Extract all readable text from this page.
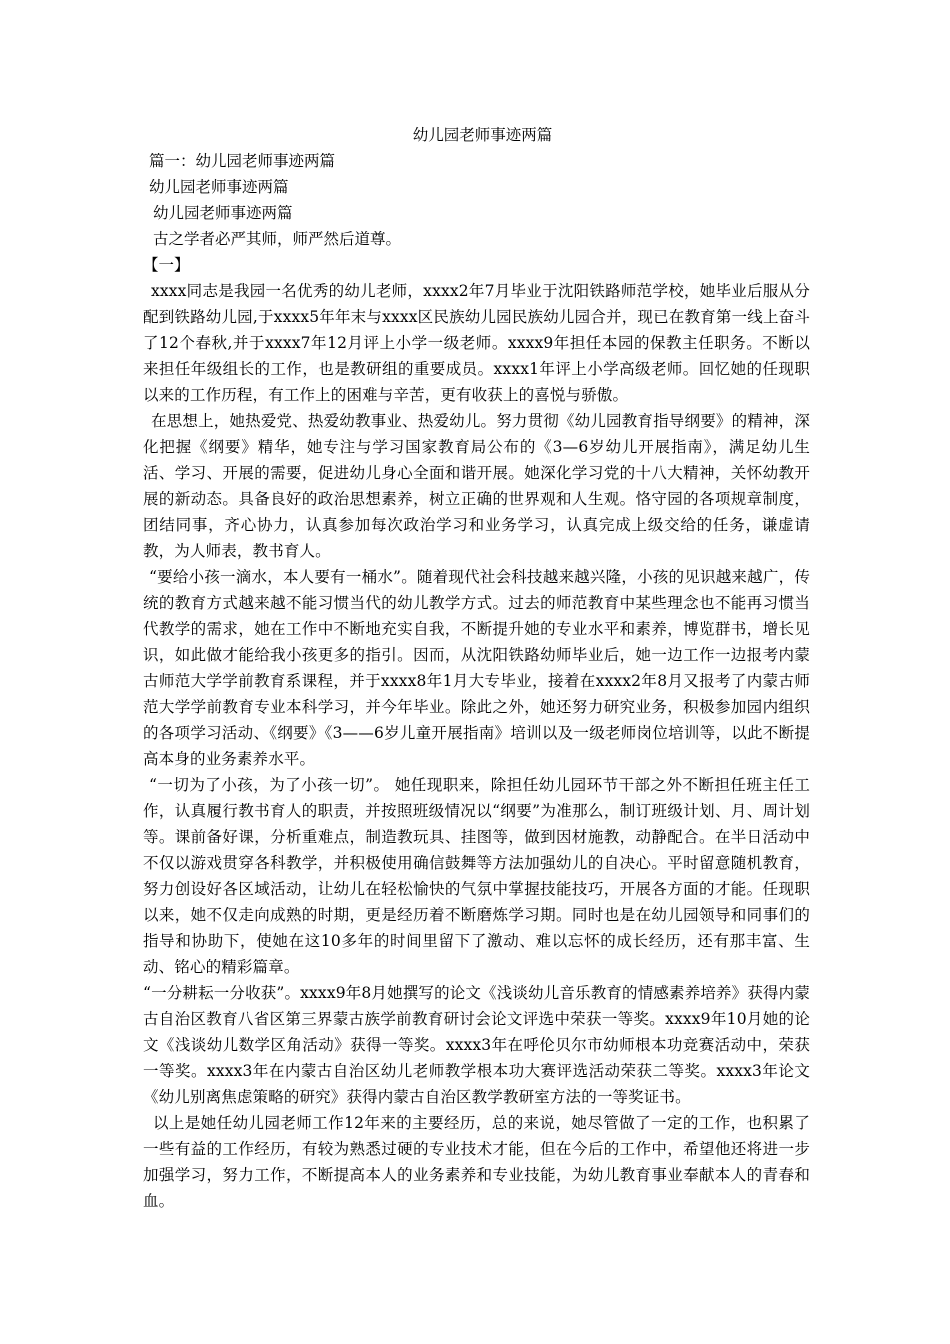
幼儿园老师事迹两篇
篇一：幼儿园老师事迹两篇
幼儿园老师事迹两篇
幼儿园老师事迹两篇
古之学者必严其师，师严然后道尊。
【一】

xxxx同志是我园一名优秀的幼儿老师，xxxx2年7月毕业于沈阳铁路师范学校，她毕业后服从分配到铁路幼儿园,于xxxx5年年末与xxxx区民族幼儿园民族幼儿园合并，现已在教育第一线上奋斗了12个春秋,并于xxxx7年12月评上小学一级老师。xxxx9年担任本园的保教主任职务。不断以来担任年级组长的工作，也是教研组的重要成员。xxxx1年评上小学高级老师。回忆她的任现职以来的工作历程，有工作上的困难与辛苦，更有收获上的喜悦与骄傲。

在思想上，她热爱党、热爱幼教事业、热爱幼儿。努力贯彻《幼儿园教育指导纲要》的精神，深化把握《纲要》精华，她专注与学习国家教育局公布的《3—6岁幼儿开展指南》，满足幼儿生活、学习、开展的需要，促进幼儿身心全面和谐开展。她深化学习党的十八大精神，关怀幼教开展的新动态。具备良好的政治思想素养，树立正确的世界观和人生观。恪守园的各项规章制度，团结同事，齐心协力，认真参加每次政治学习和业务学习，认真完成上级交给的任务，谦虚请教，为人师表，教书育人。

“要给小孩一滴水，本人要有一桶水”。随着现代社会科技越来越兴隆，小孩的见识越来越广，传统的教育方式越来越不能习惯当代的幼儿教学方式。过去的师范教育中某些理念也不能再习惯当代教学的需求，她在工作中不断地充实自我，不断提升她的专业水平和素养，博览群书，增长见识，如此做才能给我小孩更多的指引。因而，从沈阳铁路幼师毕业后，她一边工作一边报考内蒙古师范大学学前教育系课程，并于xxxx8年1月大专毕业，接着在xxxx2年8月又报考了内蒙古师范大学学前教育专业本科学习，并今年毕业。除此之外，她还努力研究业务，积极参加园内组织的各项学习活动、《纲要》《3——6岁儿童开展指南》培训以及一级老师岗位培训等，以此不断提高本身的业务素养水平。

“一切为了小孩，为了小孩一切”。 她任现职来，除担任幼儿园环节干部之外不断担任班主任工作，认真履行教书育人的职责，并按照班级情况以“纲要”为准那么，制订班级计划、月、周计划等。课前备好课，分析重难点，制造教玩具、挂图等，做到因材施教，动静配合。在半日活动中不仅以游戏贯穿各科教学，并积极使用确信鼓舞等方法加强幼儿的自决心。平时留意随机教育，努力创设好各区域活动，让幼儿在轻松愉快的气氛中掌握技能技巧，开展各方面的才能。任现职以来，她不仅走向成熟的时期，更是经历着不断磨炼学习期。同时也是在幼儿园领导和同事们的指导和协助下，使她在这10多年的时间里留下了激动、难以忘怀的成长经历，还有那丰富、生动、铭心的精彩篇章。

“一分耕耘一分收获”。xxxx9年8月她撰写的论文《浅谈幼儿音乐教育的情感素养培养》获得内蒙古自治区教育八省区第三界蒙古族学前教育研讨会论文评选中荣获一等奖。xxxx9年10月她的论文《浅谈幼儿数学区角活动》获得一等奖。xxxx3年在呼伦贝尔市幼师根本功竞赛活动中，荣获一等奖。xxxx3年在内蒙古自治区幼儿老师教学根本功大赛评选活动荣获二等奖。xxxx3年论文《幼儿别离焦虑策略的研究》获得内蒙古自治区教学教研室方法的一等奖证书。

以上是她任幼儿园老师工作12年来的主要经历，总的来说，她尽管做了一定的工作，也积累了一些有益的工作经历，有较为熟悉过硬的专业技术才能，但在今后的工作中，希望他还将进一步加强学习，努力工作，不断提高本人的业务素养和专业技能，为幼儿教育事业奉献本人的青春和血。
